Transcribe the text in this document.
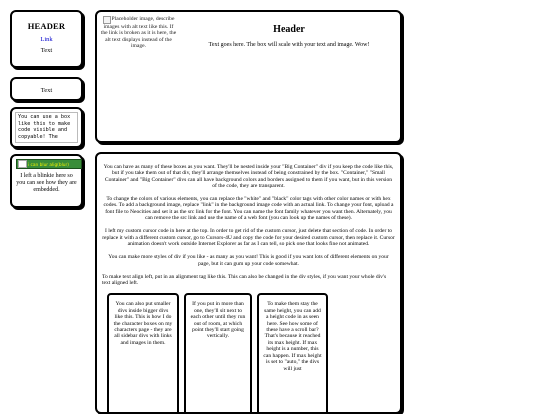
HEADER
Link
Text
Text
You can use a box like this to make code visible and copyable! The
i can blur alig(blur)
I left a blinkie here so you can see how they are embedded.
Placeholder image, describe images with alt text like this. If the link is broken as it is here, the alt text displays instead of the image.
Header
Text goes here. The box will scale with your text and image. Wow!

You can have as many of these boxes as you want. They'll be nested inside your "Big Container" div if you keep the code like this, but if you take them out of that div, they'll arrange themselves instead of being constrained by the box. "Container," "Small Container" and "Big Container" divs can all have background colors and borders assigned to them if you want, but in this version of the code, they are transparent.

To change the colors of various elements, you can replace the "white" and "black" color tags with other color names or with hex codes. To add a background image, replace "link" in the background image code with an actual link. To change your font, upload a font file to Neocities and set it as the src link for the font. You can name the font family whatever you want then. Alternately, you can remove the src link and use the name of a web font (you can look up the names of these).

I left my custom cursor code in here at the top. In order to get rid of the custom cursor, just delete that section of code. In order to replace it with a different custom cursor, go to Cursors-4U and copy the code for your desired custom cursor, then replace it. Cursor animation doesn't work outside Internet Explorer as far as I can tell, so pick one that looks fine not animated.

You can make more styles of div if you like - as many as you want! This is good if you want lots of different elements on your page, but it can gum up your code somewhat.

To make text align left, put in an alignment tag like this. This can also be changed in the div styles, if you want your whole div's text aligned left.

You can also put smaller divs inside bigger divs like this. This is how I do the character boxes on my characters page - they are all sidebar divs with links and images in them.
If you put in more than one, they'll sit next to each other until they run out of room, at which point they'll start going vertically.
To make them stay the same height, you can add a height code in as seen here. See how some of these have a scroll bar? That's because it reached its max height. If max height is a number, this can happen. If max height is set to "auto," the divs will just
